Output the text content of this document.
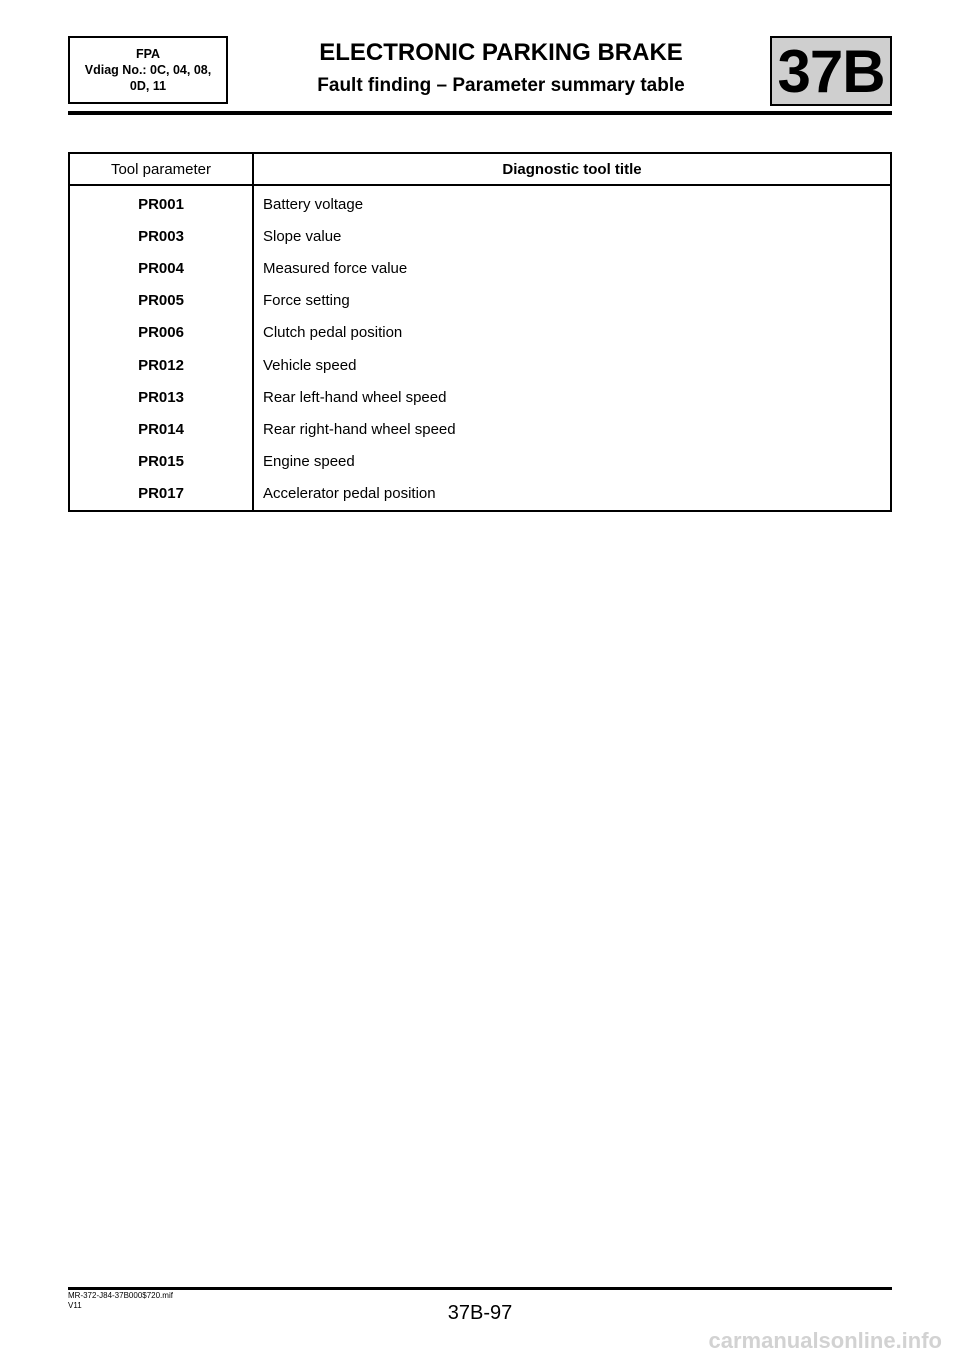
FPA
Vdiag No.: 0C, 04, 08,
0D, 11
ELECTRONIC PARKING BRAKE
Fault finding – Parameter summary table	37B
Tool parameter	Diagnostic tool title
PR001	Battery voltage
PR003	Slope value
PR004	Measured force value
PR005	Force setting
PR006	Clutch pedal position
PR012	Vehicle speed
PR013	Rear left-hand wheel speed
PR014	Rear right-hand wheel speed
PR015	Engine speed
PR017	Accelerator pedal position
MR-372-J84-37B000$720.mif
V11	37B-97
carmanualsonline.info
